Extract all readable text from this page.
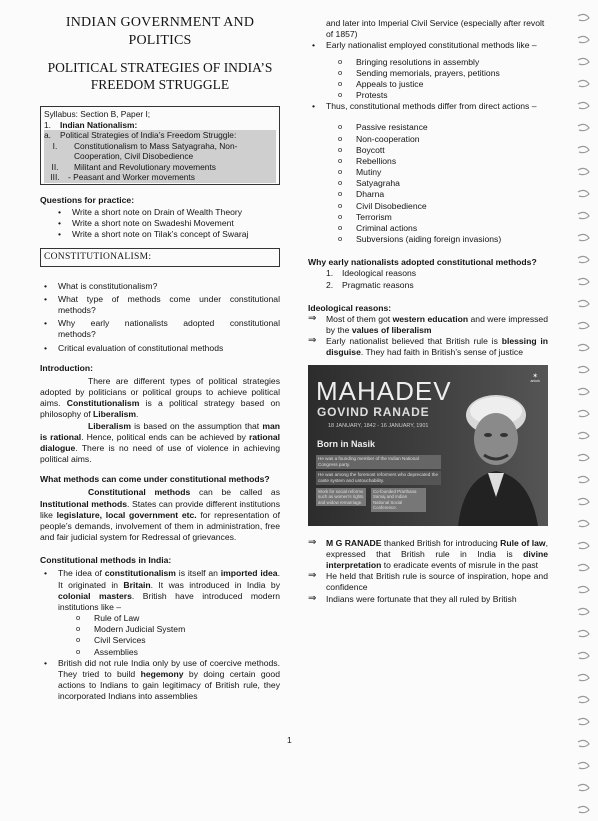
INDIAN GOVERNMENT AND POLITICS
POLITICAL STRATEGIES OF INDIA’S
FREEDOM STRUGGLE
Syllabus: Section B, Paper I;
1.	Indian Nationalism:
a.	Political Strategies of India’s Freedom Struggle:
I.	Constitutionalism to Mass Satyagraha, Non-
Cooperation, Civil Disobedience
II.	Militant and Revolutionary movements
III. - Peasant and Worker movements
Questions for practice:
• Write a short note on Drain of Wealth Theory
• Write a short note on Swadeshi Movement
• Write a short note on Tilak’s concept of Swaraj
CONSTITUTIONALISM:
• What is constitutionalism?
• What type of methods come under constitutional methods?
• Why early nationalists adopted constitutional methods?
• Critical evaluation of constitutional methods
Introduction:

There are different types of political strategies adopted by politicians or political groups to achieve political aims. Constitutionalism is a political strategy based on philosophy of Liberalism.

Liberalism is based on the assumption that man is rational. Hence, political ends can be achieved by rational dialogue. There is no need of use of violence in achieving political aims.

What methods can come under constitutional methods?

Constitutional methods can be called as Institutional methods. States can provide different institutions like legislature, local government etc. for representation of people’s demands, involvement of them in administration, free and fair judicial system for Redressal of grievances.

Constitutional methods in India:
• The idea of constitutionalism is itself an imported idea. It originated in Britain. It was introduced in India by colonial masters. British have introduced modern institutions like –
o Rule of Law
o Modern Judicial System
o Civil Services
o Assemblies
• British did not rule India only by use of coercive methods. They tried to build hegemony by doing certain good actions to Indians to gain legitimacy of British rule, they incorporated Indians into assemblies

and later into Imperial Civil Service (especially after revolt of 1857)

• Early nationalist employed constitutional methods like –
o Bringing resolutions in assembly
o Sending memorials, prayers, petitions
o Appeals to justice
o Protests
• Thus, constitutional methods differ from direct actions –
o Passive resistance
o Non-cooperation
o Boycott
o Rebellions
o Mutiny
o Satyagraha
o Dharna
o Civil Disobedience
o Terrorism
o Criminal actions
o Subversions (aiding foreign invasions)
Why early nationalists adopted constitutional methods?
1.	Ideological reasons
2.	Pragmatic reasons
Ideological reasons:
⇒	Most of them got western education and were impressed by the values of liberalism
⇒	Early nationalist believed that British rule is blessing in disguise. They had faith in British’s sense of justice
✶
anlurk
MAHADEV
GOVIND RANADE
18 JANUARY, 1842 - 16 JANUARY, 1901
Born in Nasik
He was a founding member of the Indian National Congress party.
He was among the foremost reformers who deprecated the caste system and untouchability.
Work for social reforms such as women's rights and widow remarriage.
Co-founded Prarthana Samaj and Indian National Social Conference.
⇒	M G RANADE thanked British for introducing Rule of law, expressed that British rule in India is divine interpretation to eradicate events of misrule in the past
⇒	He held that British rule is source of inspiration, hope and confidence
⇒	Indians were fortunate that they all ruled by British
1
